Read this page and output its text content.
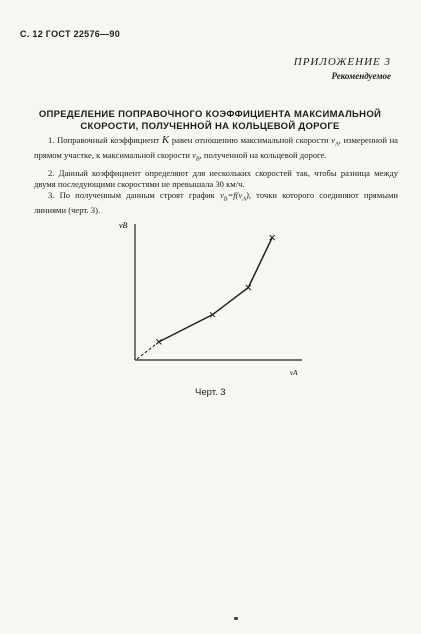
С. 12 ГОСТ 22576—90
ПРИЛОЖЕНИЕ 3
Рекомендуемое
ОПРЕДЕЛЕНИЕ ПОПРАВОЧНОГО КОЭФФИЦИЕНТА МАКСИМАЛЬНОЙ
СКОРОСТИ, ПОЛУЧЕННОЙ НА КОЛЬЦЕВОЙ ДОРОГЕ
1. Поправочный коэффициент K равен отношению максимальной скорости $v_A$, измеренной на прямом участке, к максимальной скорости $v_B$, полученной на кольцевой дороге.
2. Данный коэффициент определяют для нескольких скоростей так, чтобы разница между двумя последующими скоростями не превышала 30 км/ч.
3. По полученным данным строят график $v_B=f(v_A)$, точки которого соединяют прямыми линиями (черт. 3).
vB
vA
Черт. 3
